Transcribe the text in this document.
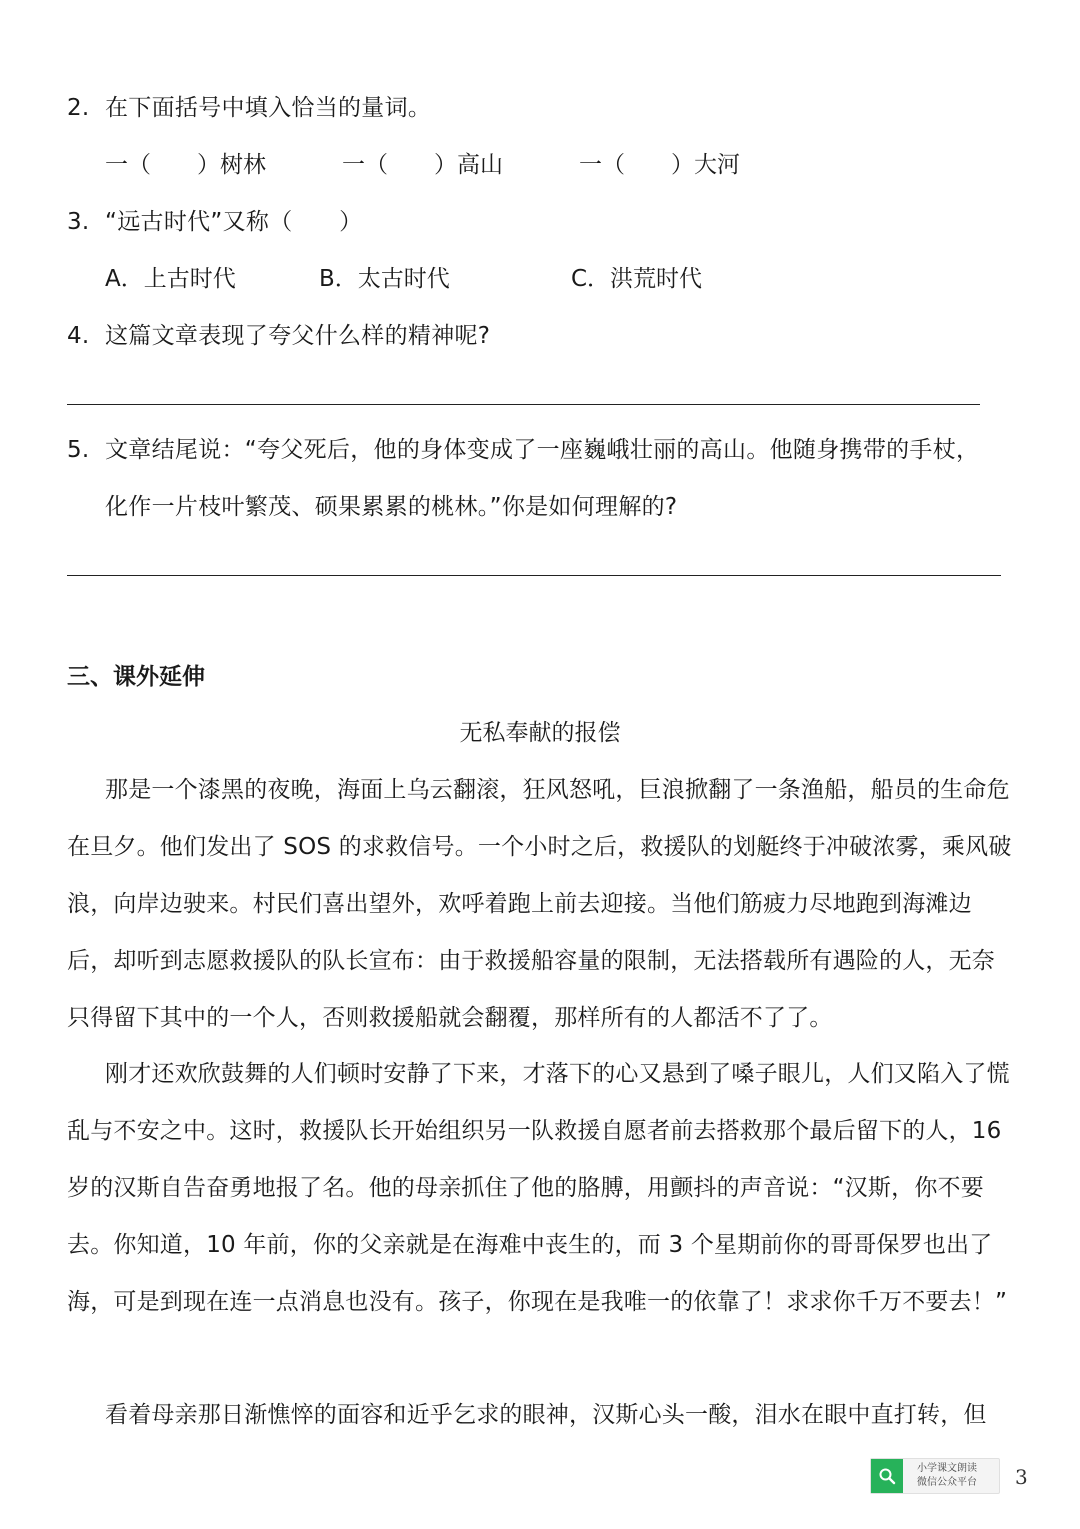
2. 在下面括号中填入恰当的量词。
一（　　）树林	一（　　）高山	一（　　）大河
3. “远古时代”又称（　　）
A．上古时代	B．太古时代	C．洪荒时代
4. 这篇文章表现了夸父什么样的精神呢?
5. 文章结尾说：“夸父死后，他的身体变成了一座巍峨壮丽的高山。他随身携带的手杖，
化作一片枝叶繁茂、硕果累累的桃林。”你是如何理解的?
三、课外延伸
无私奉献的报偿
那是一个漆黑的夜晚，海面上乌云翻滚，狂风怒吼，巨浪掀翻了一条渔船，船员的生命危在旦夕。他们发出了 SOS 的求救信号。一个小时之后，救援队的划艇终于冲破浓雾，乘风破浪，向岸边驶来。村民们喜出望外，欢呼着跑上前去迎接。当他们筋疲力尽地跑到海滩边后，却听到志愿救援队的队长宣布：由于救援船容量的限制，无法搭载所有遇险的人，无奈只得留下其中的一个人，否则救援船就会翻覆，那样所有的人都活不了了。
刚才还欢欣鼓舞的人们顿时安静了下来，才落下的心又悬到了嗓子眼儿，人们又陷入了慌乱与不安之中。这时，救援队长开始组织另一队救援自愿者前去搭救那个最后留下的人，16 岁的汉斯自告奋勇地报了名。他的母亲抓住了他的胳膊，用颤抖的声音说：“汉斯，你不要去。你知道，10 年前，你的父亲就是在海难中丧生的，而 3 个星期前你的哥哥保罗也出了海，可是到现在连一点消息也没有。孩子，你现在是我唯一的依靠了！求求你千万不要去！”
看着母亲那日渐憔悴的面容和近乎乞求的眼神，汉斯心头一酸，泪水在眼中直打转，但
小学课文朗读
微信公众平台 3
